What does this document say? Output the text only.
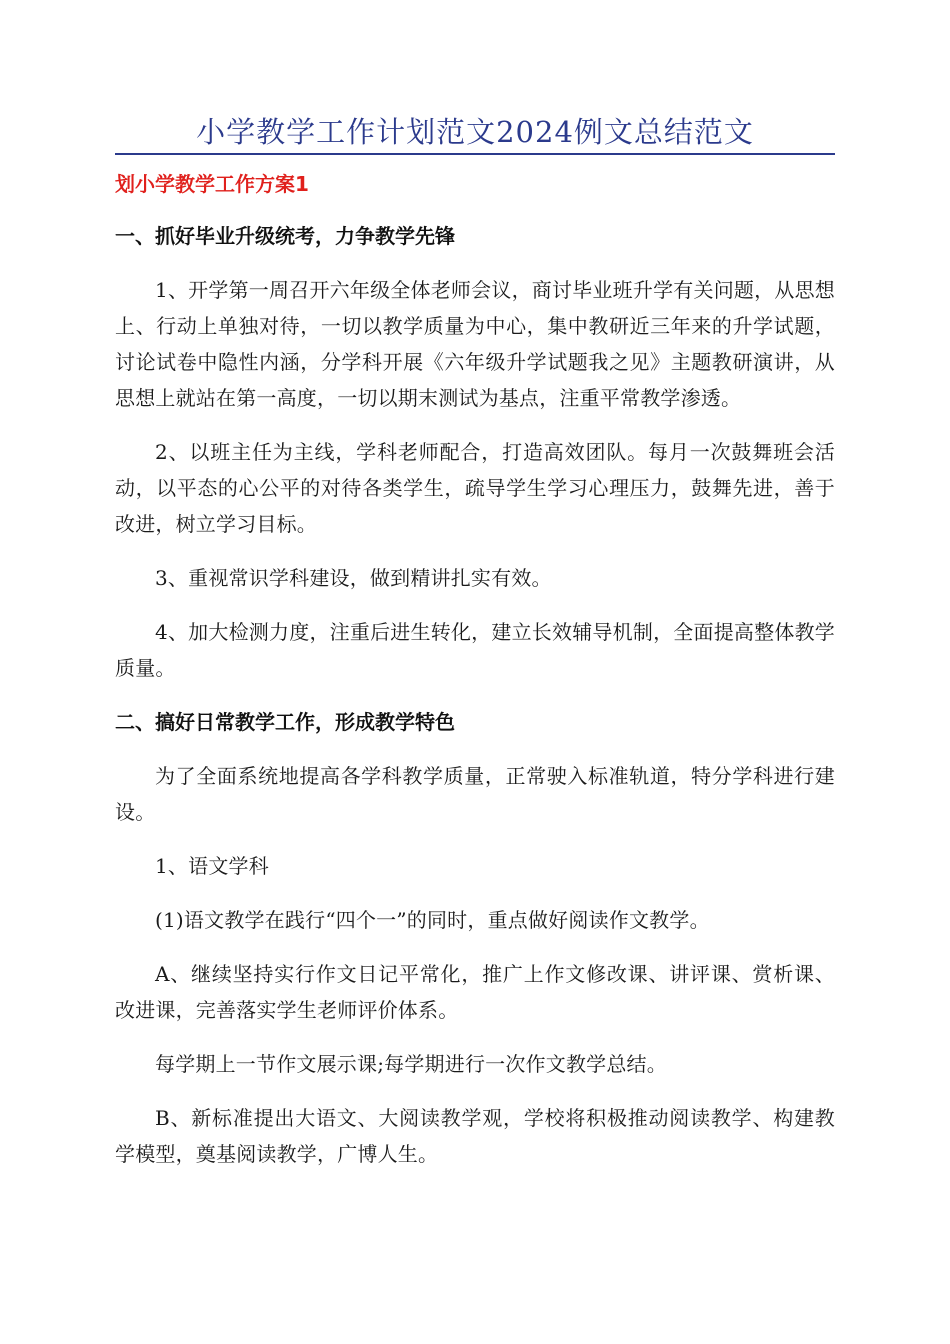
小学教学工作计划范文2024例文总结范文
划小学教学工作方案1
一、抓好毕业升级统考，力争教学先锋

1、开学第一周召开六年级全体老师会议，商讨毕业班升学有关问题，从思想上、行动上单独对待，一切以教学质量为中心，集中教研近三年来的升学试题，讨论试卷中隐性内涵，分学科开展《六年级升学试题我之见》主题教研演讲，从思想上就站在第一高度，一切以期末测试为基点，注重平常教学渗透。

2、以班主任为主线，学科老师配合，打造高效团队。每月一次鼓舞班会活动，以平态的心公平的对待各类学生，疏导学生学习心理压力，鼓舞先进，善于改进，树立学习目标。

3、重视常识学科建设，做到精讲扎实有效。

4、加大检测力度，注重后进生转化，建立长效辅导机制，全面提高整体教学质量。

二、搞好日常教学工作，形成教学特色

为了全面系统地提高各学科教学质量，正常驶入标准轨道，特分学科进行建设。

1、语文学科

(1)语文教学在践行“四个一”的同时，重点做好阅读作文教学。

A、继续坚持实行作文日记平常化，推广上作文修改课、讲评课、赏析课、改进课，完善落实学生老师评价体系。

每学期上一节作文展示课;每学期进行一次作文教学总结。

B、新标准提出大语文、大阅读教学观，学校将积极推动阅读教学、构建教学模型，奠基阅读教学，广博人生。
